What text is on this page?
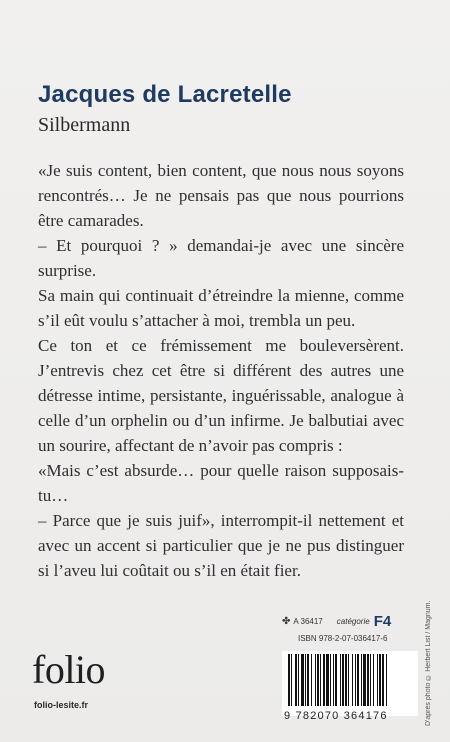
Jacques de Lacretelle
Silbermann

«Je suis content, bien content, que nous nous soyons rencontrés… Je ne pensais pas que nous pourrions être camarades.

– Et pourquoi ? » demandai-je avec une sincère surprise.

Sa main qui continuait d’étreindre la mienne, comme s’il eût voulu s’attacher à moi, trembla un peu.

Ce ton et ce frémissement me bouleversèrent. J’entrevis chez cet être si différent des autres une détresse intime, persistante, inguérissable, analogue à celle d’un orphelin ou d’un infirme. Je balbutiai avec un sourire, affectant de n’avoir pas compris :

«Mais c’est absurde… pour quelle raison supposais-tu…

– Parce que je suis juif», interrompit-il nettement et avec un accent si particulier que je ne pus distinguer si l’aveu lui coûtait ou s’il en était fier.

D'après photo © Herbert List / Magnum.
✤ A 36417 catégorie F4
ISBN 978-2-07-036417-6
9 782070 364176
folio
folio-lesite.fr
